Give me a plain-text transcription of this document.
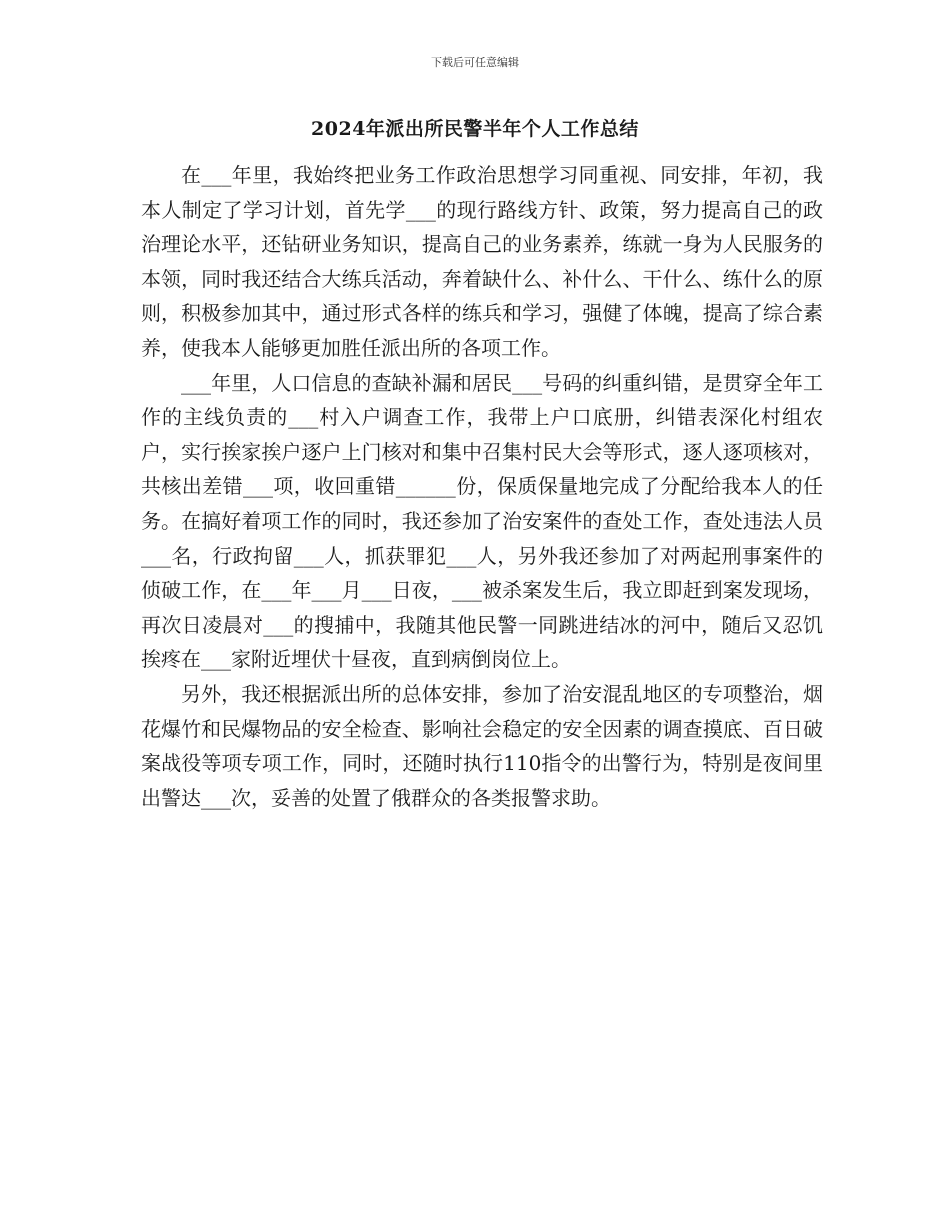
下载后可任意编辑
2024年派出所民警半年个人工作总结

在___年里，我始终把业务工作政治思想学习同重视、同安排，年初，我本人制定了学习计划，首先学___的现行路线方针、政策，努力提高自己的政治理论水平，还钻研业务知识，提高自己的业务素养，练就一身为人民服务的本领，同时我还结合大练兵活动，奔着缺什么、补什么、干什么、练什么的原则，积极参加其中，通过形式各样的练兵和学习，强健了体魄，提高了综合素养，使我本人能够更加胜任派出所的各项工作。

___年里，人口信息的查缺补漏和居民___号码的纠重纠错，是贯穿全年工作的主线负责的___村入户调查工作，我带上户口底册，纠错表深化村组农户，实行挨家挨户逐户上门核对和集中召集村民大会等形式，逐人逐项核对，共核出差错___项，收回重错______份，保质保量地完成了分配给我本人的任务。在搞好着项工作的同时，我还参加了治安案件的查处工作，查处违法人员___名，行政拘留___人，抓获罪犯___人，另外我还参加了对两起刑事案件的侦破工作，在___年___月___日夜，___被杀案发生后，我立即赶到案发现场，再次日凌晨对___的搜捕中，我随其他民警一同跳进结冰的河中，随后又忍饥挨疼在___家附近埋伏十昼夜，直到病倒岗位上。

另外，我还根据派出所的总体安排，参加了治安混乱地区的专项整治，烟花爆竹和民爆物品的安全检查、影响社会稳定的安全因素的调查摸底、百日破案战役等项专项工作，同时，还随时执行110指令的出警行为，特别是夜间里出警达___次，妥善的处置了俄群众的各类报警求助。
